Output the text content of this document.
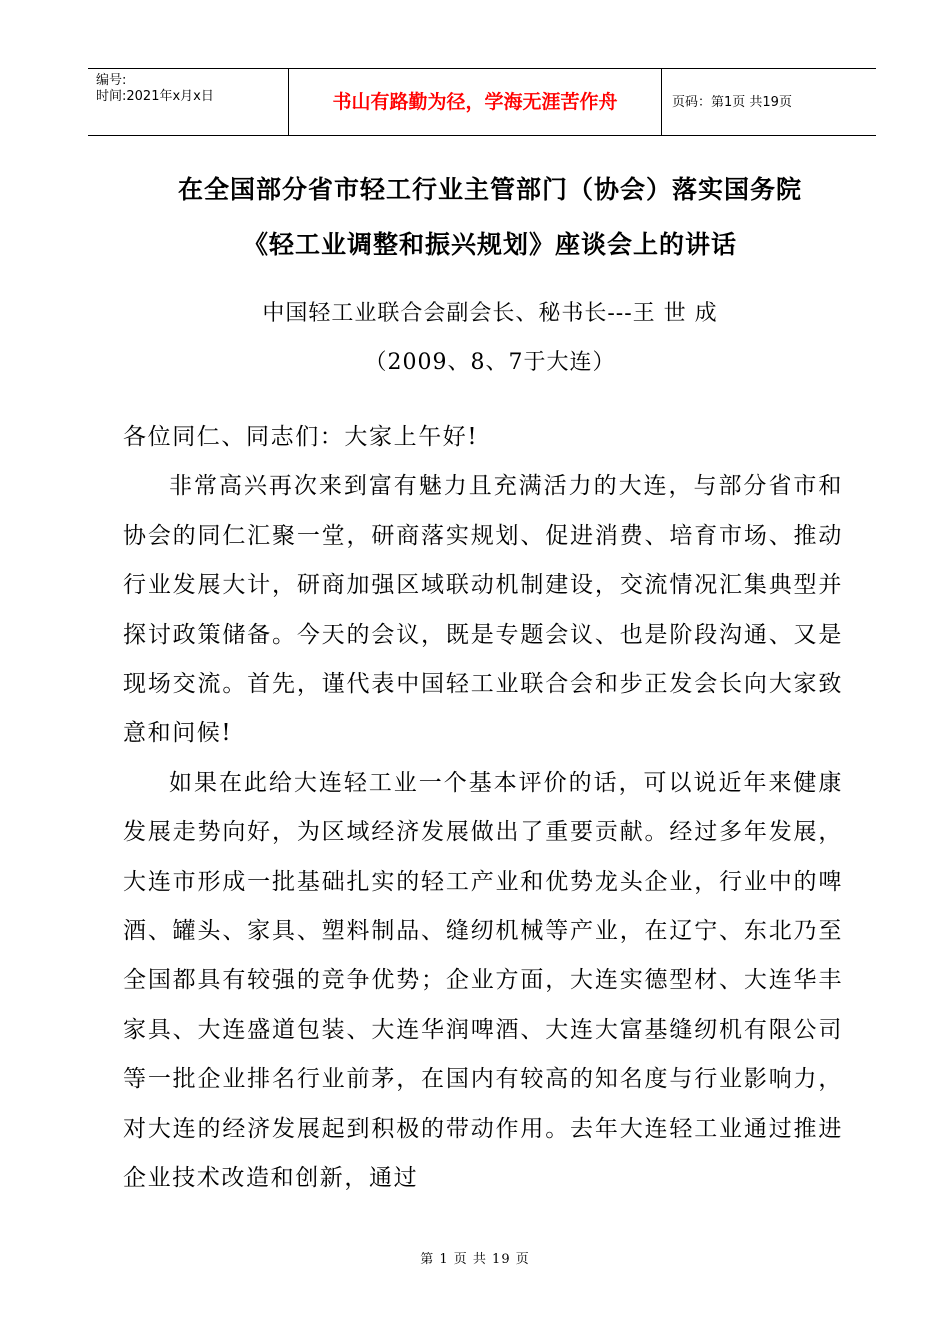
编号:
时间:2021年x月x日	书山有路勤为径，学海无涯苦作舟	页码：第1页 共19页
在全国部分省市轻工行业主管部门（协会）落实国务院
《轻工业调整和振兴规划》座谈会上的讲话
中国轻工业联合会副会长、秘书长---王 世 成
（2009、8、7于大连）

各位同仁、同志们：大家上午好!

非常高兴再次来到富有魅力且充满活力的大连，与部分省市和协会的同仁汇聚一堂，研商落实规划、促进消费、培育市场、推动行业发展大计，研商加强区域联动机制建设，交流情况汇集典型并探讨政策储备。今天的会议，既是专题会议、也是阶段沟通、又是现场交流。首先，谨代表中国轻工业联合会和步正发会长向大家致意和问候!

如果在此给大连轻工业一个基本评价的话，可以说近年来健康发展走势向好，为区域经济发展做出了重要贡献。经过多年发展，大连市形成一批基础扎实的轻工产业和优势龙头企业，行业中的啤酒、罐头、家具、塑料制品、缝纫机械等产业，在辽宁、东北乃至全国都具有较强的竞争优势；企业方面，大连实德型材、大连华丰家具、大连盛道包装、大连华润啤酒、大连大富基缝纫机有限公司等一批企业排名行业前茅，在国内有较高的知名度与行业影响力，对大连的经济发展起到积极的带动作用。去年大连轻工业通过推进企业技术改造和创新，通过

第 1 页 共 19 页
